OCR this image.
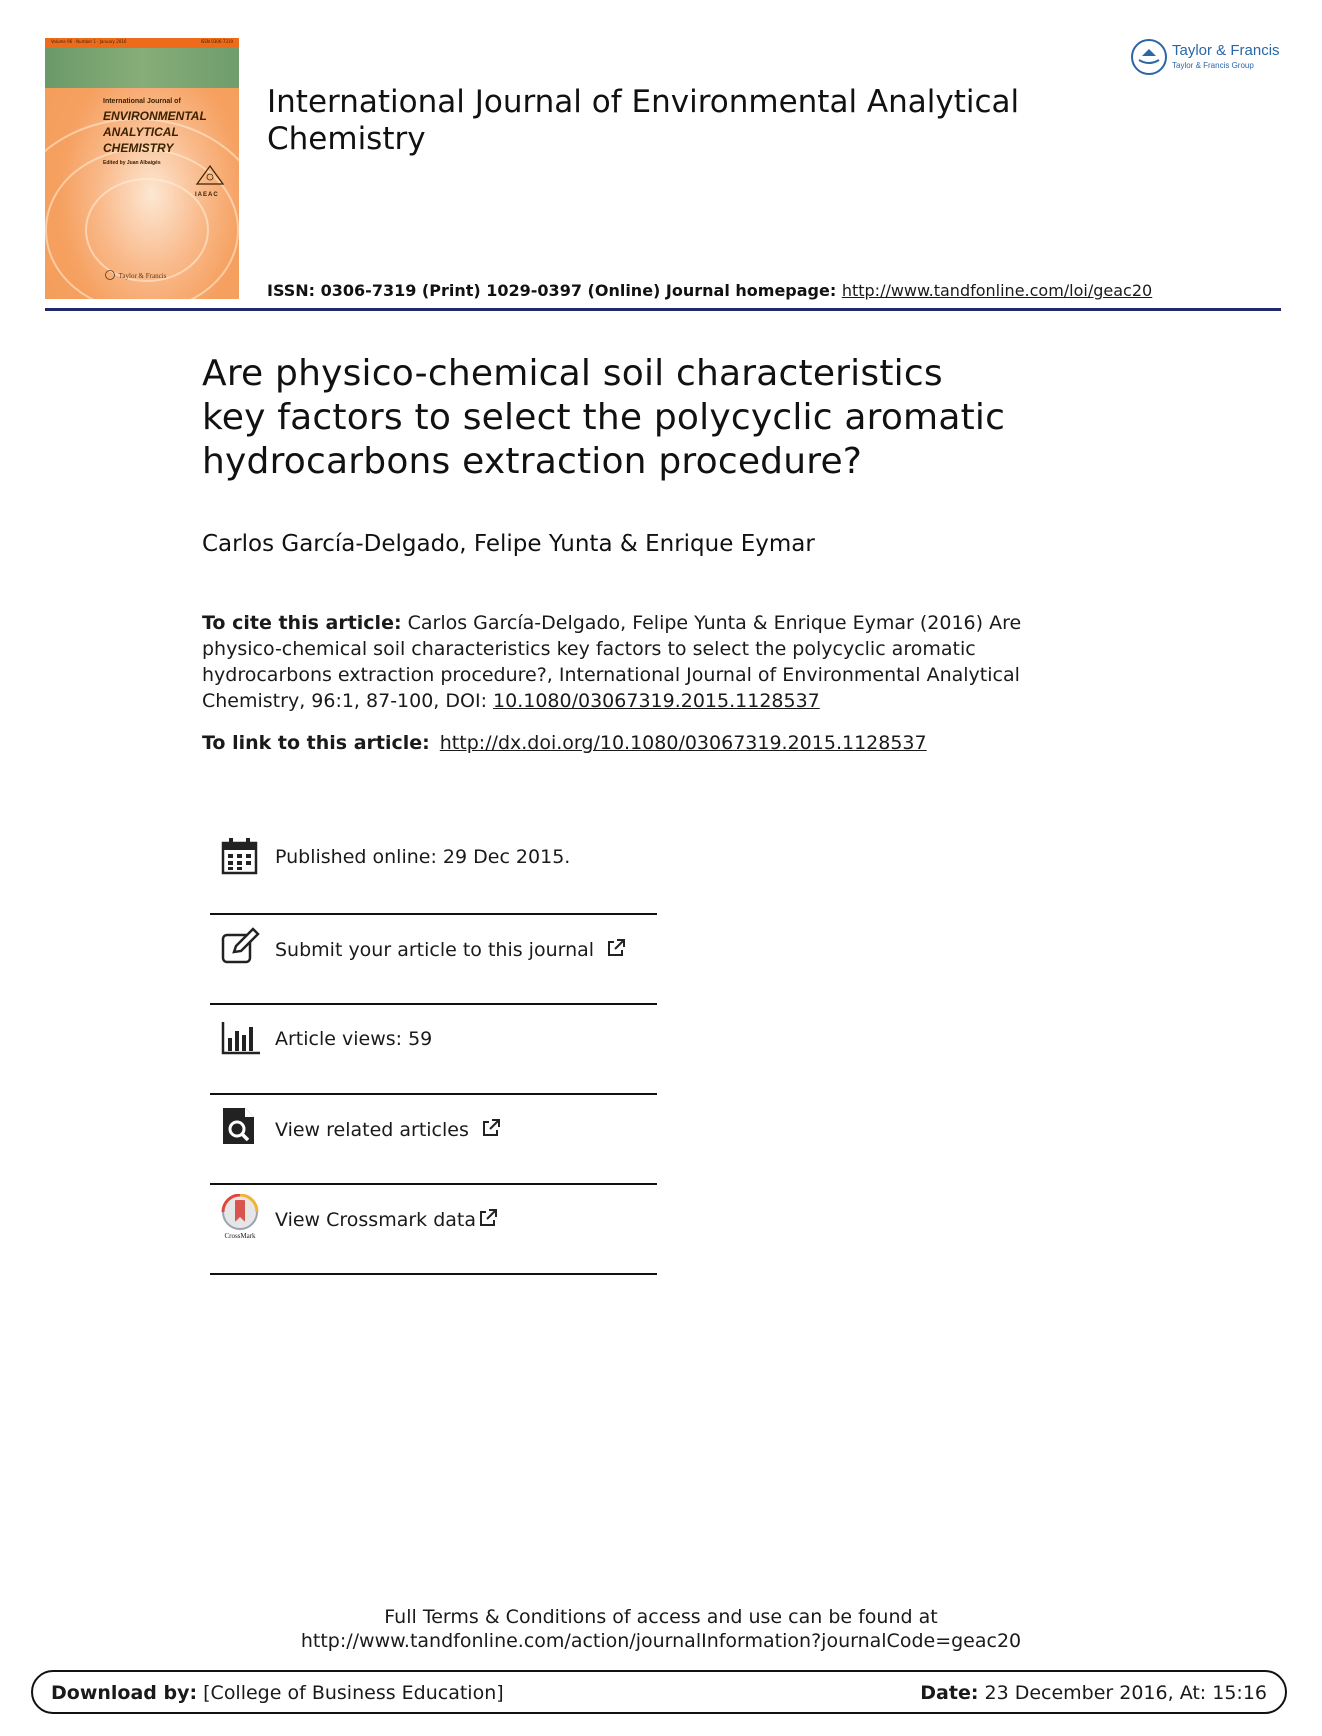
Volume 96 · Number 1 · January 2016	ISSN 0306-7319
International Journal of
ENVIRONMENTAL
ANALYTICAL
CHEMISTRY
IAEAC
Edited by Juan Albaigés
Taylor & Francis
International Journal of Environmental Analytical Chemistry
ISSN: 0306-7319 (Print) 1029-0397 (Online) Journal homepage: http://www.tandfonline.com/loi/geac20
Taylor & Francis
Taylor & Francis Group
Are physico-chemical soil characteristics
key factors to select the polycyclic aromatic
hydrocarbons extraction procedure?
Carlos García-Delgado, Felipe Yunta & Enrique Eymar
To cite this article: Carlos García-Delgado, Felipe Yunta & Enrique Eymar (2016) Are physico-chemical soil characteristics key factors to select the polycyclic aromatic hydrocarbons extraction procedure?, International Journal of Environmental Analytical Chemistry, 96:1, 87-100, DOI: 10.1080/03067319.2015.1128537
To link to this article: http://dx.doi.org/10.1080/03067319.2015.1128537
Published online: 29 Dec 2015.
Submit your article to this journal
Article views: 59
View related articles
CrossMark
View Crossmark data
Full Terms & Conditions of access and use can be found at
http://www.tandfonline.com/action/journalInformation?journalCode=geac20
Download by: [College of Business Education]	Date: 23 December 2016, At: 15:16
